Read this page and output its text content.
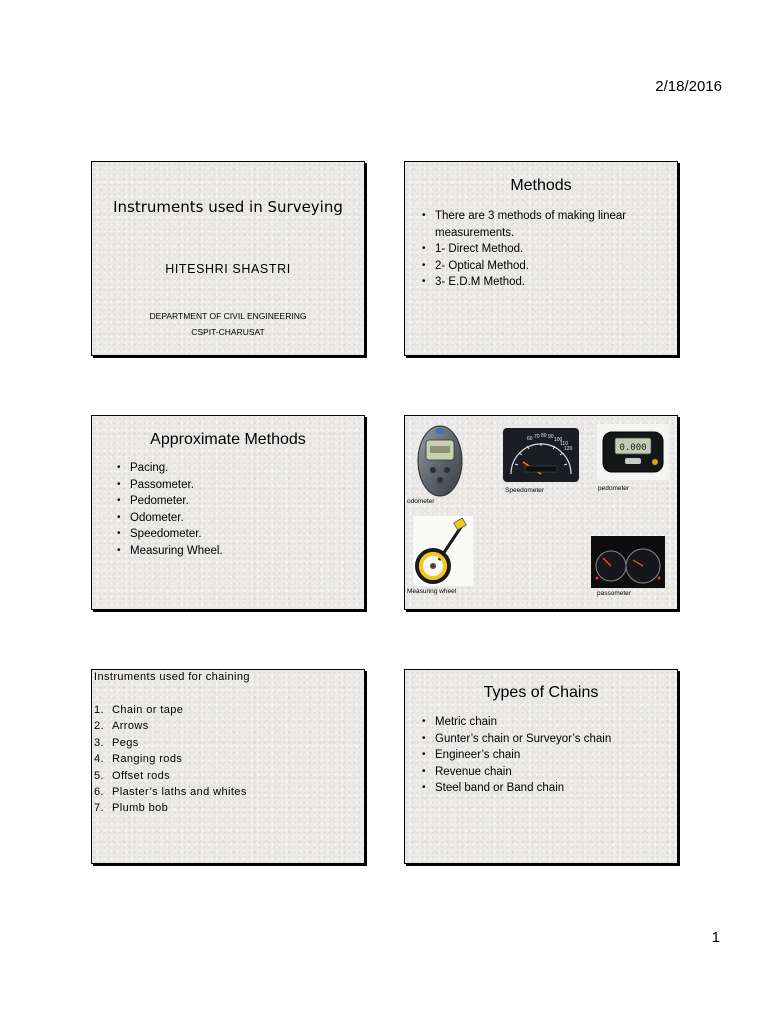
2/18/2016
Instruments used in Surveying
HITESHRI SHASTRI
DEPARTMENT OF CIVIL ENGINEERING
CSPIT-CHARUSAT
Methods
• There are 3 methods of making linear measurements.
• 1- Direct Method.
• 2- Optical Method.
• 3- E.D.M Method.
Approximate Methods
• Pacing.
• Passometer.
• Pedometer.
• Odometer.
• Speedometer.
• Measuring Wheel.
odometer
60 70 80 90 100
110
120
Speedometer
0.000
pedometer
Measuring wheel	passometer
Instruments used for chaining
1. Chain or tape
2. Arrows
3. Pegs
4. Ranging rods
5. Offset rods
6. Plaster’s laths and whites
7. Plumb bob
Types of Chains
• Metric chain
• Gunter’s chain or Surveyor’s chain
• Engineer’s chain
• Revenue chain
• Steel band or Band chain
1
